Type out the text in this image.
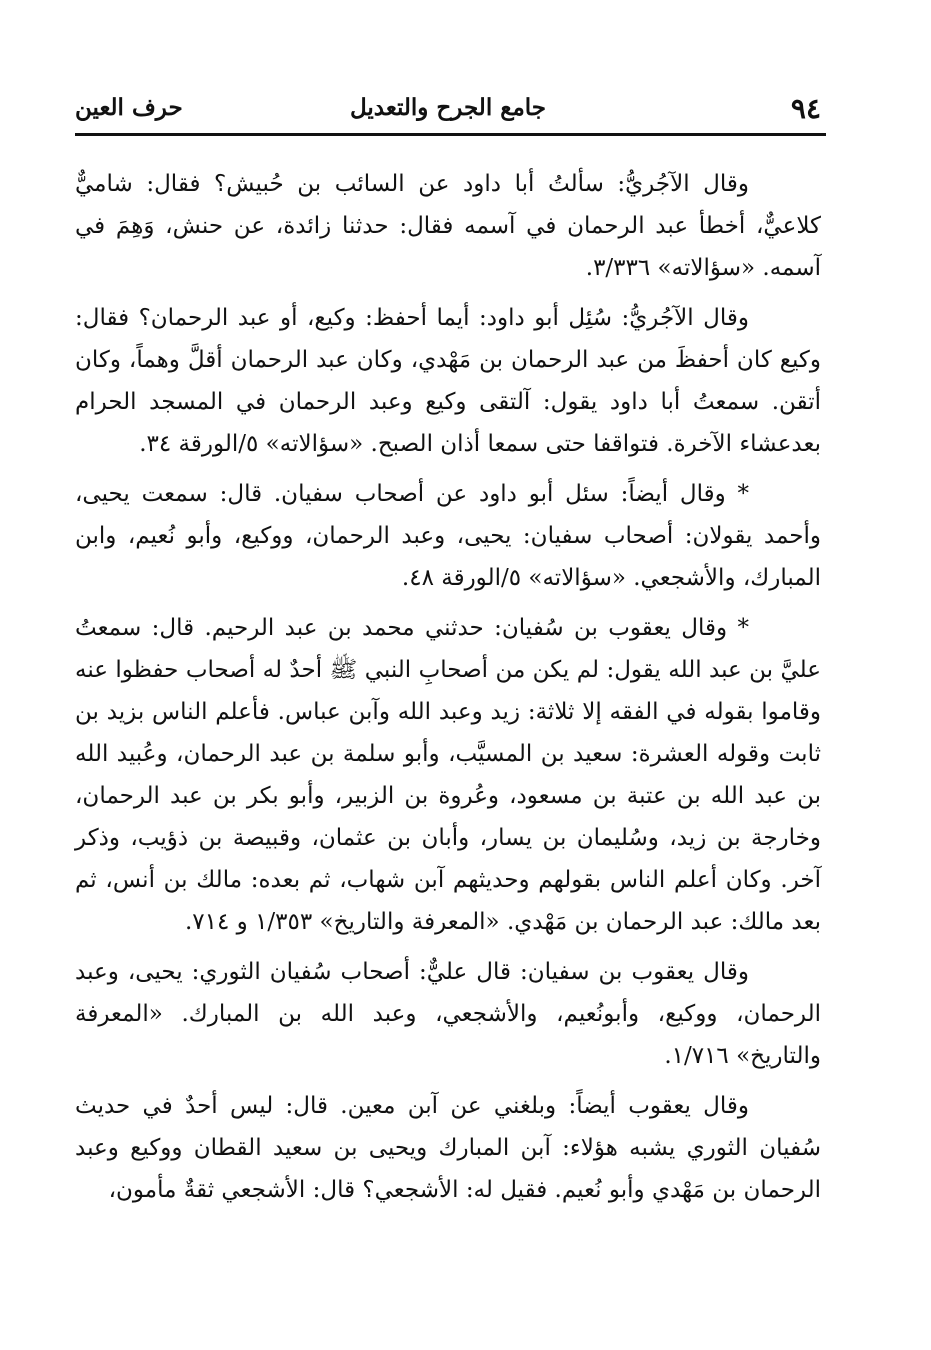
٩٤
جامع الجرح والتعديل
حرف العين

وقال الآجُريُّ: سألتُ أبا داود عن السائب بن حُبيش؟ فقال: شاميٌّ كلاعيٌّ، أخطأ عبد الرحمان في آسمه فقال: حدثنا زائدة، عن حنش، وَهِمَ في آسمه. «سؤالاته» ٣/٣٣٦.

وقال الآجُريُّ: سُئِل أبو داود: أيما أحفظ: وكيع، أو عبد الرحمان؟ فقال: وكيع كان أحفظَ من عبد الرحمان بن مَهْدي، وكان عبد الرحمان أقلَّ وهماً، وكان أتقن. سمعتُ أبا داود يقول: آلتقى وكيع وعبد الرحمان في المسجد الحرام بعدعشاء الآخرة. فتواقفا حتى سمعا أذان الصبح. «سؤالاته» ٥/الورقة ٣٤.

* وقال أيضاً: سئل أبو داود عن أصحاب سفيان. قال: سمعت يحيى، وأحمد يقولان: أصحاب سفيان: يحيى، وعبد الرحمان، ووكيع، وأبو نُعيم، وابن المبارك، والأشجعي. «سؤالاته» ٥/الورقة ٤٨.

* وقال يعقوب بن سُفيان: حدثني محمد بن عبد الرحيم. قال: سمعتُ عليَّ بن عبد الله يقول: لم يكن من أصحابِ النبي ﷺ أحدٌ له أصحاب حفظوا عنه وقاموا بقوله في الفقه إلا ثلاثة: زيد وعبد الله وآبن عباس. فأعلم الناس بزيد بن ثابت وقوله العشرة: سعيد بن المسيَّب، وأبو سلمة بن عبد الرحمان، وعُبيد الله بن عبد الله بن عتبة بن مسعود، وعُروة بن الزبير، وأبو بكر بن عبد الرحمان، وخارجة بن زيد، وسُليمان بن يسار، وأبان بن عثمان، وقبيصة بن ذؤيب، وذكر آخر. وكان أعلم الناس بقولهم وحديثهم آبن شهاب، ثم بعده: مالك بن أنس، ثم بعد مالك: عبد الرحمان بن مَهْدي. «المعرفة والتاريخ» ١/٣٥٣ و ٧١٤.

وقال يعقوب بن سفيان: قال عليٌّ: أصحاب سُفيان الثوري: يحيى، وعبد الرحمان، ووكيع، وأبونُعيم، والأشجعي، وعبد الله بن المبارك. «المعرفة والتاريخ» ١/٧١٦.

وقال يعقوب أيضاً: وبلغني عن آبن معين. قال: ليس أحدٌ في حديث سُفيان الثوري يشبه هؤلاء: آبن المبارك ويحيى بن سعيد القطان ووكيع وعبد الرحمان بن مَهْدي وأبو نُعيم. فقيل له: الأشجعي؟ قال: الأشجعي ثقةٌ مأمون،
